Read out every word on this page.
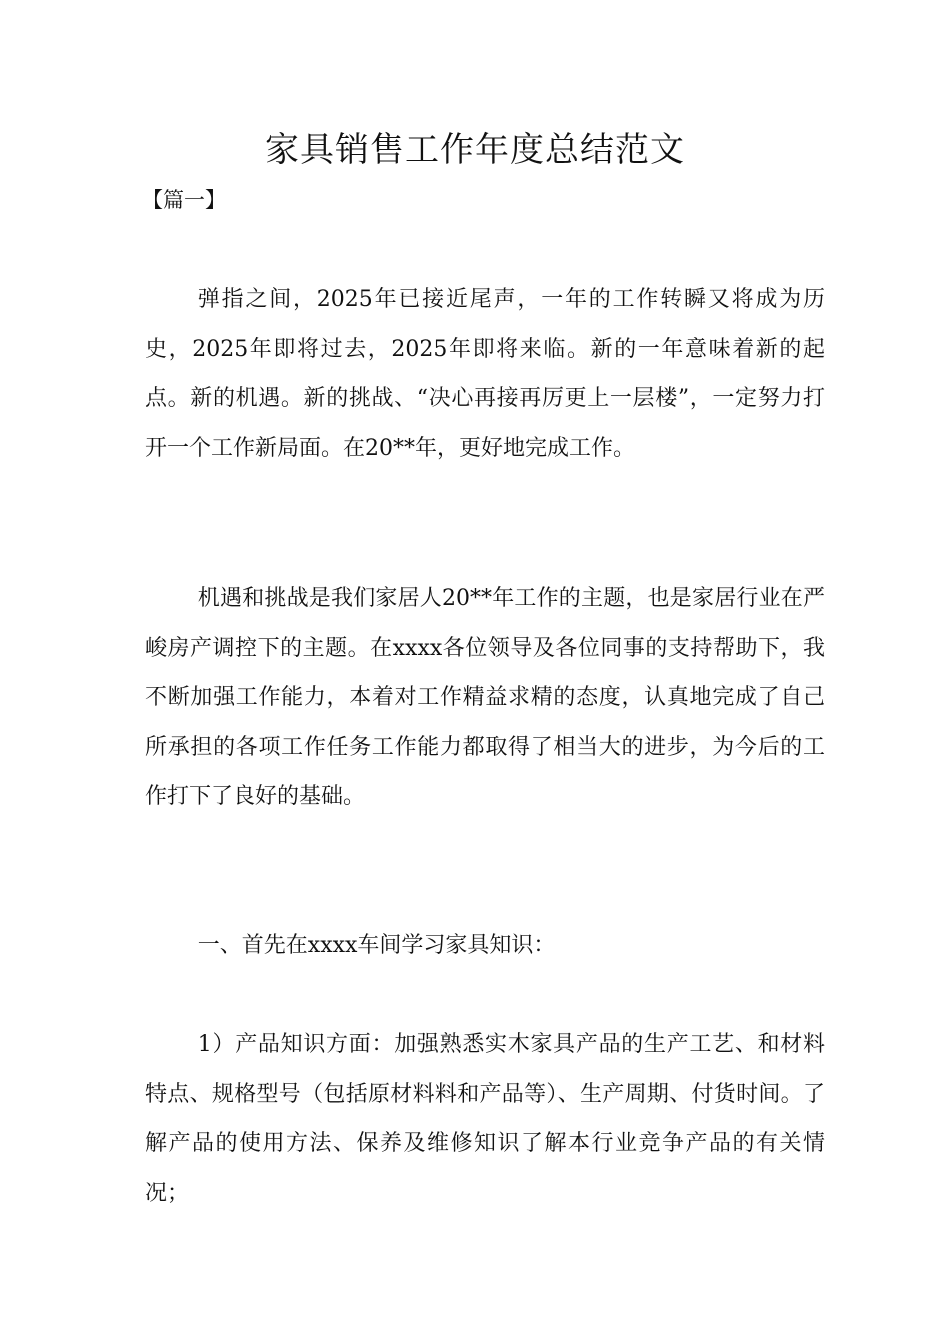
家具销售工作年度总结范文

【篇一】

弹指之间，2025年已接近尾声，一年的工作转瞬又将成为历史，2025年即将过去，2025年即将来临。新的一年意味着新的起点。新的机遇。新的挑战、“决心再接再厉更上一层楼”，一定努力打开一个工作新局面。在20**年，更好地完成工作。

机遇和挑战是我们家居人20**年工作的主题，也是家居行业在严峻房产调控下的主题。在xxxx各位领导及各位同事的支持帮助下，我不断加强工作能力，本着对工作精益求精的态度，认真地完成了自己所承担的各项工作任务工作能力都取得了相当大的进步，为今后的工作打下了良好的基础。

一、首先在xxxx车间学习家具知识：

1）产品知识方面：加强熟悉实木家具产品的生产工艺、和材料特点、规格型号（包括原材料料和产品等）、生产周期、付货时间。了解产品的使用方法、保养及维修知识了解本行业竞争产品的有关情况；
